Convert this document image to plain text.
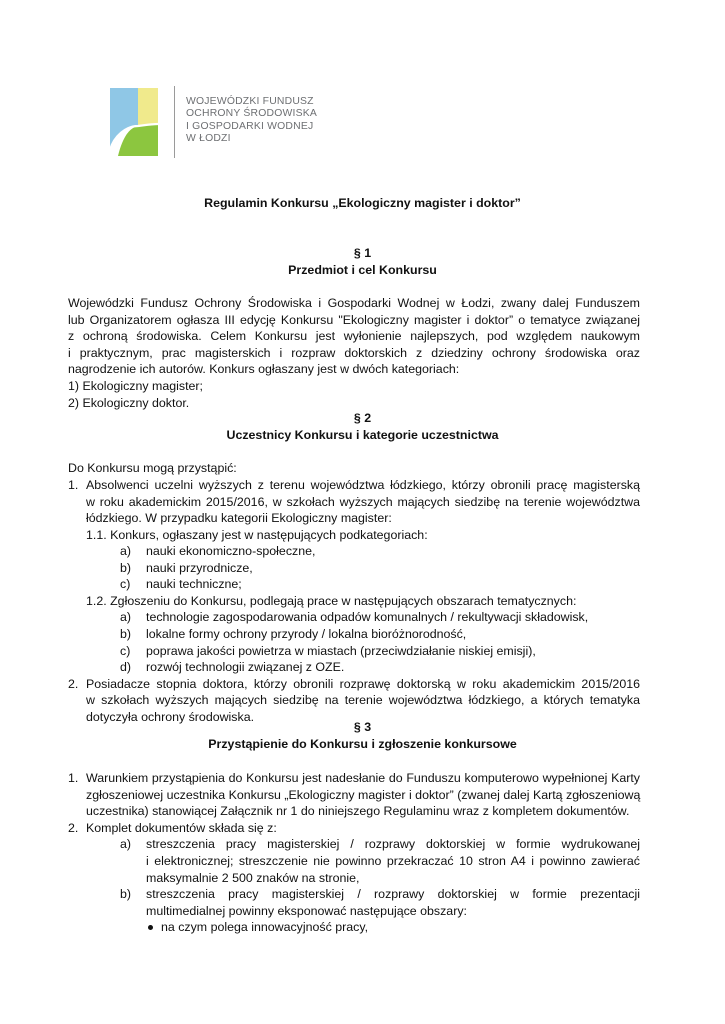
WOJEWÓDZKI FUNDUSZ
OCHRONY ŚRODOWISKA
I GOSPODARKI WODNEJ
W ŁODZI
Regulamin Konkursu „Ekologiczny magister i doktor”
§ 1
Przedmiot i cel Konkursu
Wojewódzki Fundusz Ochrony Środowiska i Gospodarki Wodnej w Łodzi, zwany dalej Funduszem
lub Organizatorem ogłasza III edycję Konkursu "Ekologiczny magister i doktor” o tematyce związanej
z ochroną środowiska. Celem Konkursu jest wyłonienie najlepszych, pod względem naukowym
i praktycznym, prac magisterskich i rozpraw doktorskich z dziedziny ochrony środowiska oraz
nagrodzenie ich autorów. Konkurs ogłaszany jest w dwóch kategoriach:
1) Ekologiczny magister;
2) Ekologiczny doktor.
§ 2
Uczestnicy Konkursu i kategorie uczestnictwa
Do Konkursu mogą przystąpić:
1. Absolwenci uczelni wyższych z terenu województwa łódzkiego, którzy obronili pracę magisterską
w roku akademickim 2015/2016, w szkołach wyższych mających siedzibę na terenie województwa
łódzkiego. W przypadku kategorii Ekologiczny magister:
1.1. Konkurs, ogłaszany jest w następujących podkategoriach:
a) nauki ekonomiczno-społeczne,
b) nauki przyrodnicze,
c) nauki techniczne;
1.2. Zgłoszeniu do Konkursu, podlegają prace w następujących obszarach tematycznych:
a) technologie zagospodarowania odpadów komunalnych / rekultywacji składowisk,
b) lokalne formy ochrony przyrody / lokalna bioróżnorodność,
c) poprawa jakości powietrza w miastach (przeciwdziałanie niskiej emisji),
d) rozwój technologii związanej z OZE.
2. Posiadacze stopnia doktora, którzy obronili rozprawę doktorską w roku akademickim 2015/2016
w szkołach wyższych mających siedzibę na terenie województwa łódzkiego, a których tematyka
dotyczyła ochrony środowiska.
§ 3
Przystąpienie do Konkursu i zgłoszenie konkursowe
1. Warunkiem przystąpienia do Konkursu jest nadesłanie do Funduszu komputerowo wypełnionej Karty
zgłoszeniowej uczestnika Konkursu „Ekologiczny magister i doktor” (zwanej dalej Kartą zgłoszeniową
uczestnika) stanowiącej Załącznik nr 1 do niniejszego Regulaminu wraz z kompletem dokumentów.
2. Komplet dokumentów składa się z:
a) streszczenia pracy magisterskiej / rozprawy doktorskiej w formie wydrukowanej
i elektronicznej; streszczenie nie powinno przekraczać 10 stron A4 i powinno zawierać
maksymalnie 2 500 znaków na stronie,
b) streszczenia pracy magisterskiej / rozprawy doktorskiej w formie prezentacji
multimedialnej powinny eksponować następujące obszary:
na czym polega innowacyjność pracy,
